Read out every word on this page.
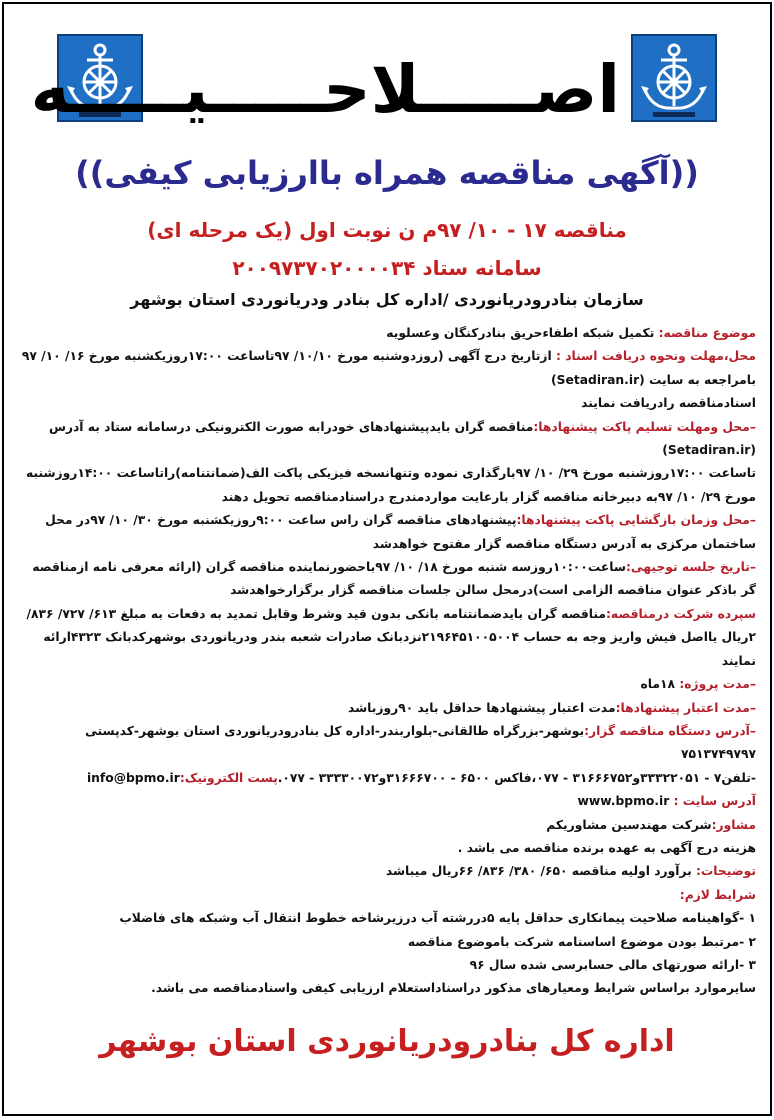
اصـــــلاحـــــیـــــه
((آگهی مناقصه همراه باارزیابی کیفی))
مناقصه ۱۷ - ۱۰/ ۹۷م ن نوبت اول (یک مرحله ای)
سامانه ستاد ۲۰۰۹۷۳۷۰۲۰۰۰۰۳۴
سازمان بنادرودریانوردی /اداره کل بنادر ودریانوردی استان بوشهر

موضوع مناقصه: تکمیل شبکه اطفاءحریق بنادرکنگان وعسلویه

محل،مهلت ونحوه دریافت اسناد : ازتاریخ درج آگهی (روزدوشنبه مورخ ۱۰/۱۰/ ۹۷تاساعت ۱۷:۰۰روزیکشنبه مورخ ۱۶/ ۱۰/ ۹۷ بامراجعه به سایت (Setadiran.ir)

اسنادمناقصه رادریافت نمایند

–محل ومهلت تسلیم پاکت پیشنهادها:مناقصه گران بایدپیشنهادهای خودرابه صورت الکترونیکی درسامانه ستاد به آدرس (Setadiran.ir)

تاساعت ۱۷:۰۰روزشنبه مورخ ۲۹/ ۱۰/ ۹۷بارگذاری نموده وتنهانسخه فیزیکی پاکت الف(ضمانتنامه)راتاساعت ۱۴:۰۰روزشنبه مورخ ۲۹/ ۱۰/ ۹۷به دبیرخانه مناقصه گزار بارعایت مواردمندرج دراسنادمناقصه تحویل دهند

–محل وزمان بازگشایی پاکت پیشنهادها:پیشنهادهای مناقصه گران راس ساعت ۹:۰۰روزیکشنبه مورخ ۳۰/ ۱۰/ ۹۷در محل ساختمان مرکزی به آدرس دستگاه مناقصه گزار مفتوح خواهدشد

–تاریخ جلسه توجیهی:ساعت۱۰:۰۰روزسه شنبه مورخ ۱۸/ ۱۰/ ۹۷باحضورنماینده مناقصه گران (ارائه معرفی نامه ازمناقصه گر باذکر عنوان مناقصه الزامی است)درمحل سالن جلسات مناقصه گزار برگزارخواهدشد

سپرده شرکت درمناقصه:مناقصه گران بایدضمانتنامه بانکی بدون قید وشرط وقابل تمدید به دفعات به مبلغ ۶۱۳/ ۷۲۷/ ۸۳۶/ ۲ریال یااصل فیش واریز وجه به حساب ۲۱۹۶۴۵۱۰۰۵۰۰۴نزدبانک صادرات شعبه بندر ودریانوردی بوشهرکدبانک ۴۳۲۳ارائه نمایند

–مدت پروژه: ۱۸ماه

–مدت اعتبار پیشنهادها:مدت اعتبار پیشنهادها حداقل باید ۹۰روزباشد

–آدرس دستگاه مناقصه گزار:بوشهر-بزرگراه طالقانی-بلواربندر-اداره کل بنادرودریانوردی استان بوشهر-کدپستی ۷۵۱۳۷۴۹۷۹۷

-تلفن۷ - ۳۳۳۲۲۰۵۱و۳۱۶۶۶۷۵۲ - ۰۷۷،فاکس ۶۵۰۰ - ۳۱۶۶۶۷۰۰و۳۳۳۳۰۰۷۲ - ۰۷۷.پست الکترونیک:info@bpmo.ir

آدرس سایت : www.bpmo.ir

مشاور:شرکت مهندسین مشاوریکم

هزینه درج آگهی به عهده برنده مناقصه می باشد .

توضیحات: برآورد اولیه مناقصه ۶۵۰/ ۳۸۰/ ۸۳۶/ ۶۶ریال میباشد

شرایط لازم:

۱ -گواهینامه صلاحیت پیمانکاری حداقل پایه ۵دررشته آب درزیرشاخه خطوط انتقال آب وشبکه های فاضلاب

۲ -مرتبط بودن موضوع اساسنامه شرکت باموضوع مناقصه

۳ -ارائه صورتهای مالی حسابرسی شده سال ۹۶

سایرموارد براساس شرایط ومعیارهای مذکور دراسناداستعلام ارزیابی کیفی واسنادمناقصه می باشد.

اداره کل بنادرودریانوردی استان بوشهر
